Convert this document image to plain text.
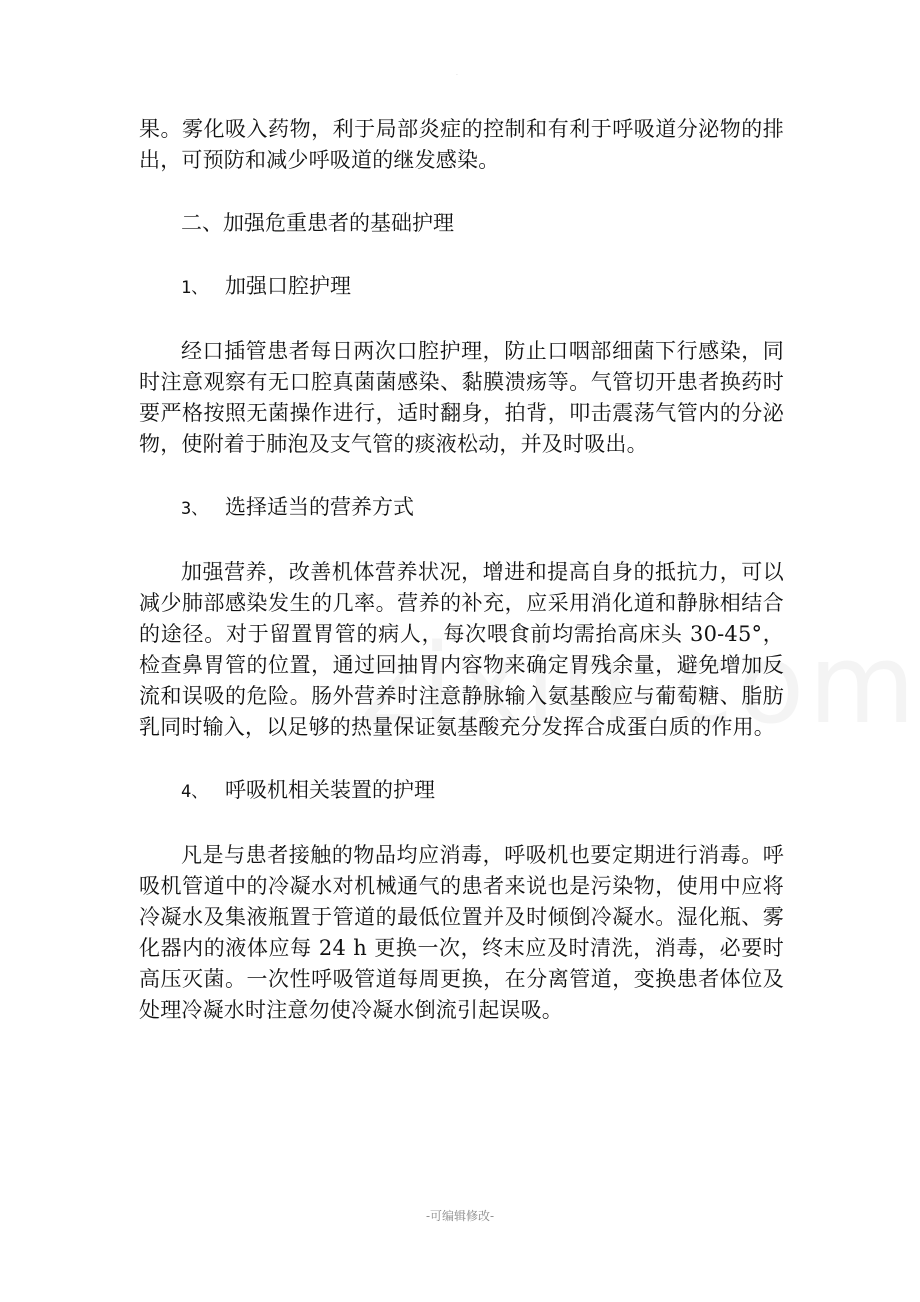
.

果。雾化吸入药物，利于局部炎症的控制和有利于呼吸道分泌物的排出，可预防和减少呼吸道的继发感染。

二、加强危重患者的基础护理

1、 加强口腔护理

经口插管患者每日两次口腔护理，防止口咽部细菌下行感染，同时注意观察有无口腔真菌菌感染、黏膜溃疡等。气管切开患者换药时要严格按照无菌操作进行，适时翻身，拍背，叩击震荡气管内的分泌物，使附着于肺泡及支气管的痰液松动，并及时吸出。

3、 选择适当的营养方式

加强营养，改善机体营养状况，增进和提高自身的抵抗力，可以减少肺部感染发生的几率。营养的补充，应采用消化道和静脉相结合的途径。对于留置胃管的病人，每次喂食前均需抬高床头 30-45°，检查鼻胃管的位置，通过回抽胃内容物来确定胃残余量，避免增加反流和误吸的危险。肠外营养时注意静脉输入氨基酸应与葡萄糖、脂肪乳同时输入，以足够的热量保证氨基酸充分发挥合成蛋白质的作用。

4、 呼吸机相关装置的护理

凡是与患者接触的物品均应消毒，呼吸机也要定期进行消毒。呼吸机管道中的冷凝水对机械通气的患者来说也是污染物，使用中应将冷凝水及集液瓶置于管道的最低位置并及时倾倒冷凝水。湿化瓶、雾化器内的液体应每 24 h 更换一次，终末应及时清洗，消毒，必要时高压灭菌。一次性呼吸管道每周更换，在分离管道，变换患者体位及处理冷凝水时注意勿使冷凝水倒流引起误吸。

-可编辑修改-
